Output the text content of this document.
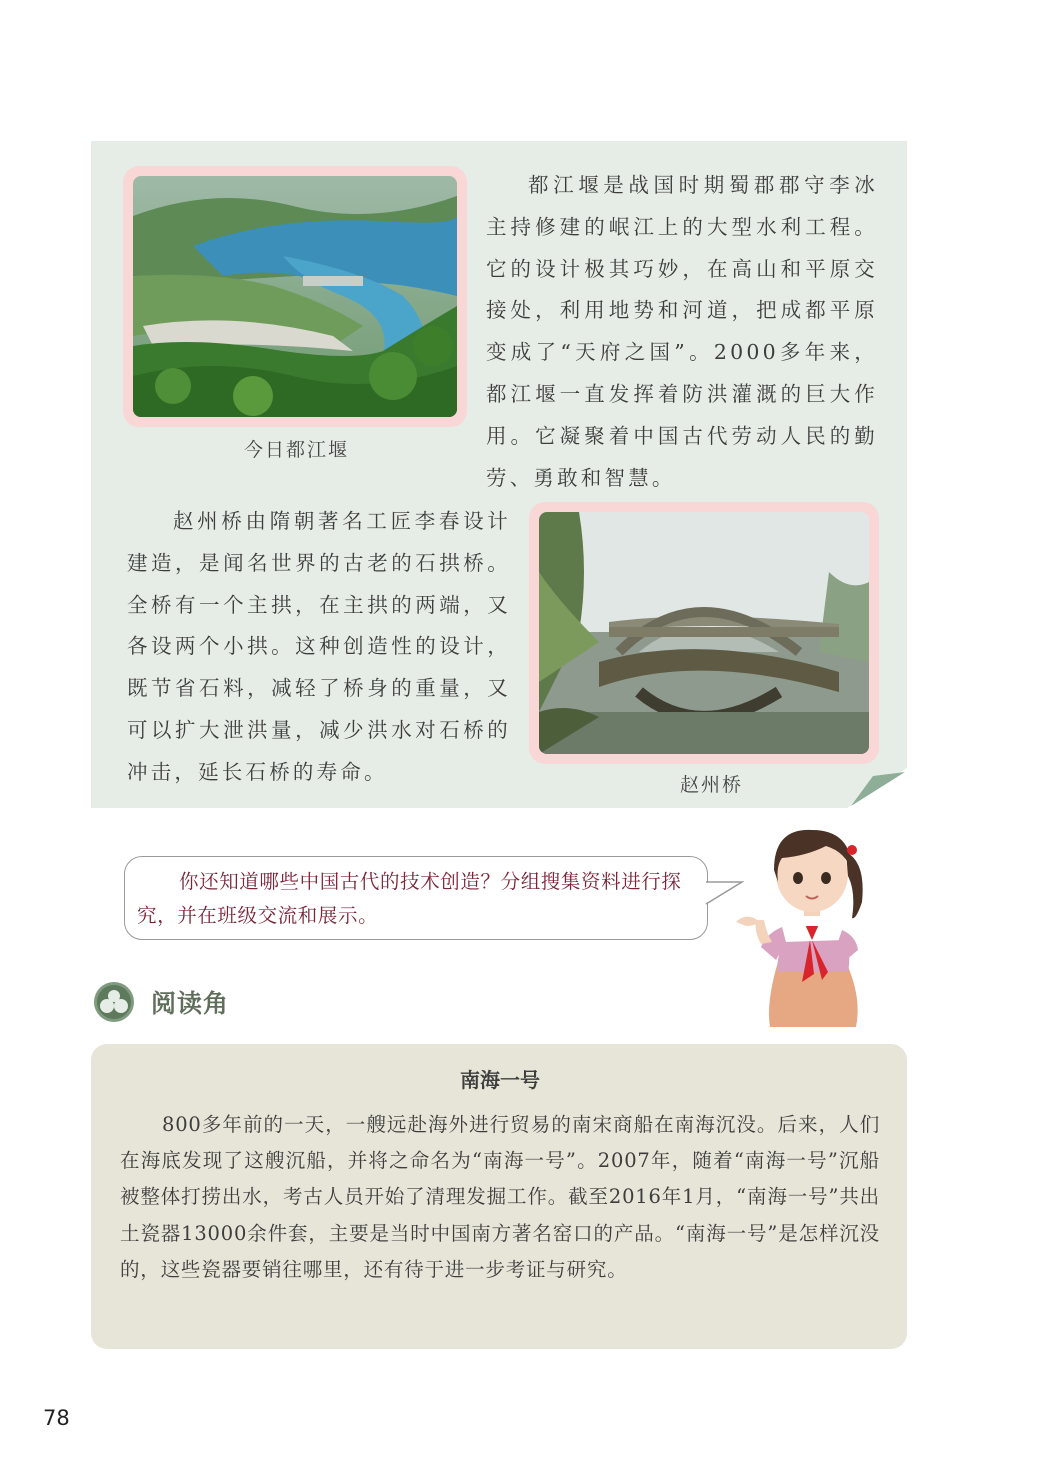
今日都江堰
都江堰是战国时期蜀郡郡守李冰主持修建的岷江上的大型水利工程。它的设计极其巧妙，在高山和平原交接处，利用地势和河道，把成都平原变成了“天府之国”。2000多年来，都江堰一直发挥着防洪灌溉的巨大作用。它凝聚着中国古代劳动人民的勤劳、勇敢和智慧。
赵州桥由隋朝著名工匠李春设计建造，是闻名世界的古老的石拱桥。全桥有一个主拱，在主拱的两端，又各设两个小拱。这种创造性的设计，既节省石料，减轻了桥身的重量，又可以扩大泄洪量，减少洪水对石桥的冲击，延长石桥的寿命。
赵州桥
你还知道哪些中国古代的技术创造？分组搜集资料进行探究，并在班级交流和展示。
阅读角
南海一号
800多年前的一天，一艘远赴海外进行贸易的南宋商船在南海沉没。后来，人们在海底发现了这艘沉船，并将之命名为“南海一号”。2007年，随着“南海一号”沉船被整体打捞出水，考古人员开始了清理发掘工作。截至2016年1月，“南海一号”共出土瓷器13000余件套，主要是当时中国南方著名窑口的产品。“南海一号”是怎样沉没的，这些瓷器要销往哪里，还有待于进一步考证与研究。
78
